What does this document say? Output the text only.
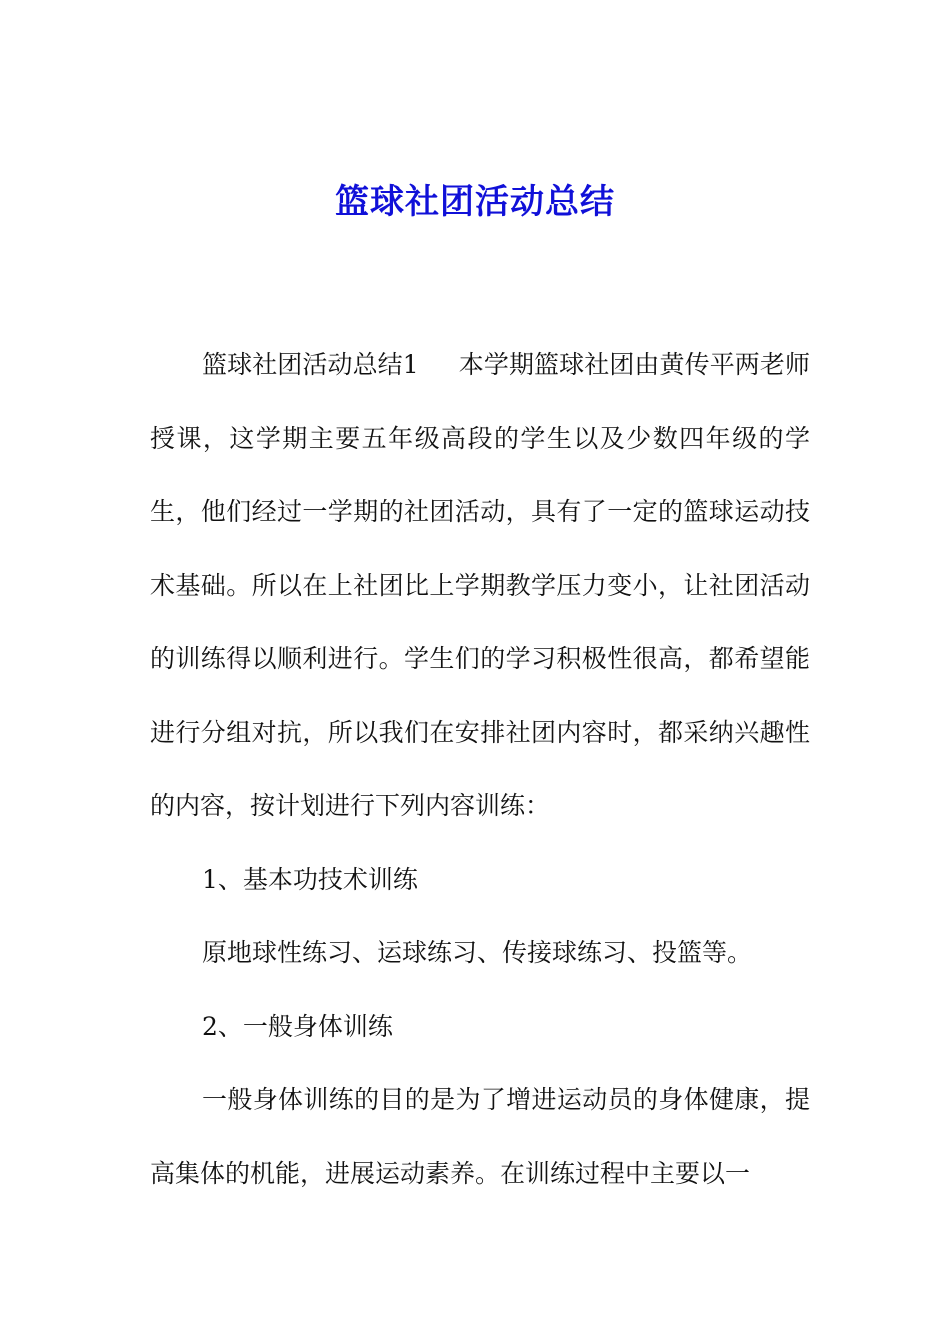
篮球社团活动总结

篮球社团活动总结1 本学期篮球社团由黄传平两老师授课，这学期主要五年级高段的学生以及少数四年级的学生，他们经过一学期的社团活动，具有了一定的篮球运动技术基础。所以在上社团比上学期教学压力变小，让社团活动的训练得以顺利进行。学生们的学习积极性很高，都希望能进行分组对抗，所以我们在安排社团内容时，都采纳兴趣性的内容，按计划进行下列内容训练：

1、基本功技术训练

原地球性练习、运球练习、传接球练习、投篮等。

2、一般身体训练

一般身体训练的目的是为了增进运动员的身体健康，提高集体的机能，进展运动素养。在训练过程中主要以一
